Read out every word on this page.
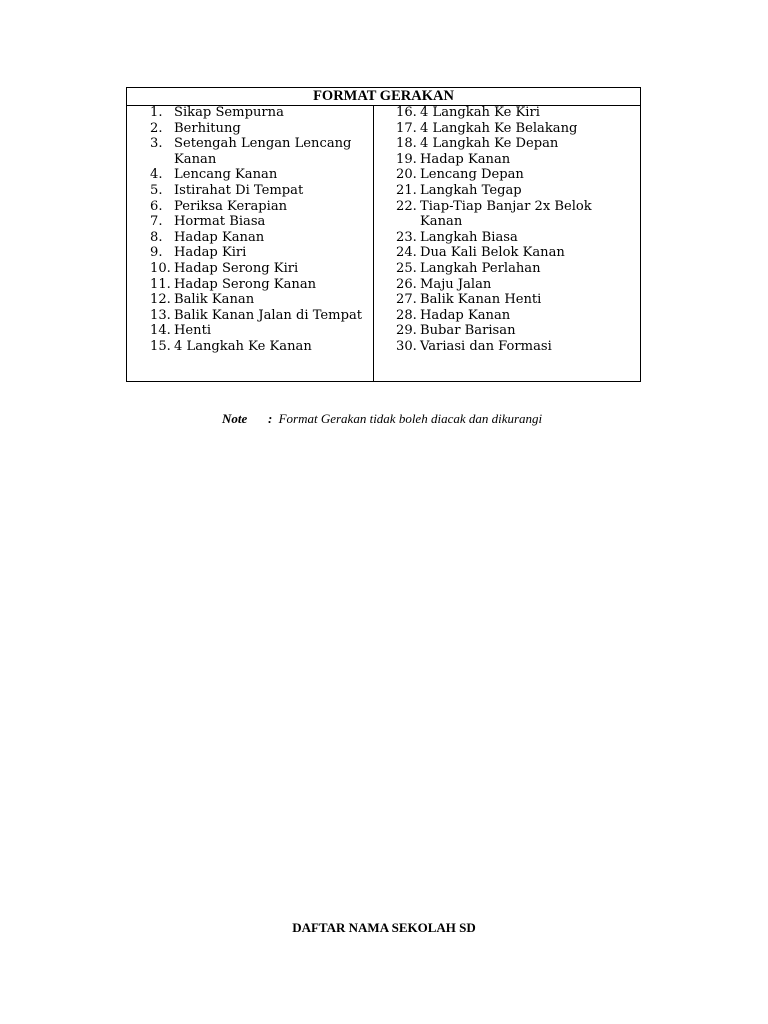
FORMAT GERAKAN
1. Sikap Sempurna
2. Berhitung
3. Setengah Lengan Lencang Kanan
4. Lencang Kanan
5. Istirahat Di Tempat
6. Periksa Kerapian
7. Hormat Biasa
8. Hadap Kanan
9. Hadap Kiri
10. Hadap Serong Kiri
11. Hadap Serong Kanan
12. Balik Kanan
13. Balik Kanan Jalan di Tempat
14. Henti
15. 4 Langkah Ke Kanan
16. 4 Langkah Ke Kiri
17. 4 Langkah Ke Belakang
18. 4 Langkah Ke Depan
19. Hadap Kanan
20. Lencang Depan
21. Langkah Tegap
22. Tiap-Tiap Banjar 2x Belok Kanan
23. Langkah Biasa
24. Dua Kali Belok Kanan
25. Langkah Perlahan
26. Maju Jalan
27. Balik Kanan Henti
28. Hadap Kanan
29. Bubar Barisan
30. Variasi dan Formasi
Note : Format Gerakan tidak boleh diacak dan dikurangi
DAFTAR NAMA SEKOLAH SD
